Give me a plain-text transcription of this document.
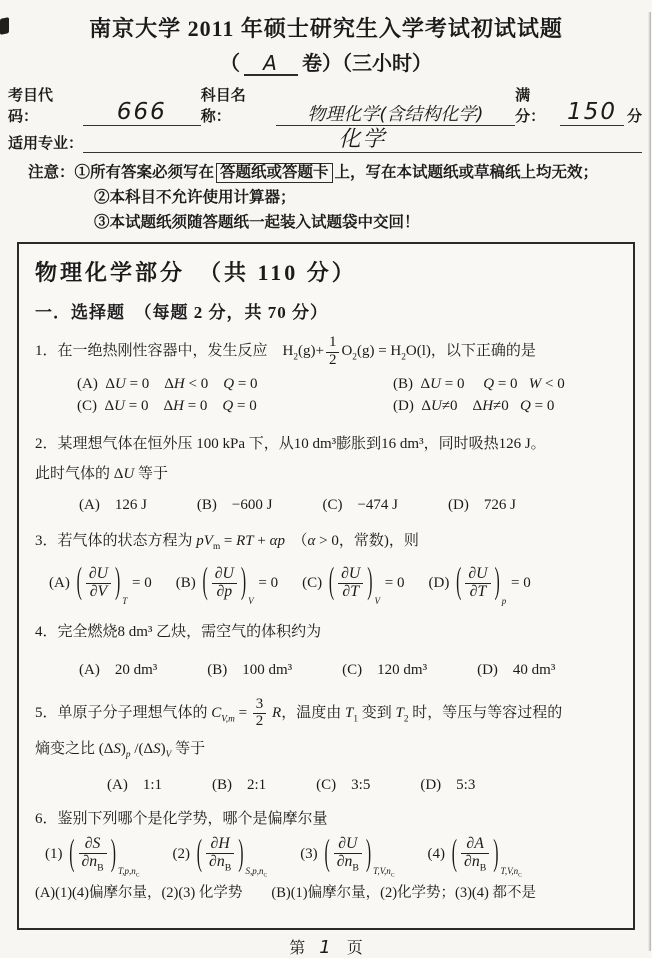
南京大学 2011 年硕士研究生入学考试初试试题
（ A 卷）（三小时）
考目代码：	666
科目名称：	物理化学(含结构化学)
满分： 150 分
适用专业：	化学
注意：①所有答案必须写在 答题纸或答题卡 上，写在本试题纸或草稿纸上均无效；
②本科目不允许使用计算器；
③本试题纸须随答题纸一起装入试题袋中交回！
物理化学部分　（共 110 分）
一．选择题　（每题 2 分，共 70 分）
1．在一绝热刚性容器中，发生反应　$H_2(g)+ \frac{1}{2} O_2(g) = H_2O(l)$，以下正确的是
(A)  ΔU = 0    ΔH < 0    Q = 0	(B)  ΔU = 0     Q = 0   W < 0
(C)  ΔU = 0    ΔH = 0    Q = 0	(D)  ΔU≠0    ΔH≠0   Q = 0
2．某理想气体在恒外压 100 kPa 下，从10 dm³膨胀到16 dm³，同时吸热126 J。
此时气体的 ΔU 等于
(A)　126 J	(B)　−600 J	(C)　−474 J	(D)　726 J
3．若气体的状态方程为 $pV_m$ = RT + αp　（α > 0，常数)，则
(A) ( $\frac{\partial U}{\partial V}$ ) T
= 0 (B) ( $\frac{\partial U}{\partial p}$ ) V
= 0 (C) ( $\frac{\partial U}{\partial T}$ ) V
= 0 (D) ( $\frac{\partial U}{\partial T}$ ) p
= 0
4．完全燃烧8 dm³ 乙炔，需空气的体积约为
(A)　20 dm³	(B)　100 dm³	(C)　120 dm³	(D)　40 dm³
5．单原子分子理想气体的 $C_{V,m} = \frac{3}{2}$ R，温度由 $T_1$ 变到 $T_2$ 时，等压与等容过程的
熵变之比 $(\Delta S)_p$ $/(\Delta S)_V$ 等于
(A)　1:1	(B)　2:1	(C)　3:5	(D)　5:3
6．鉴别下列哪个是化学势，哪个是偏摩尔量
(1) ( $\frac{\partial S}{\partial n_B}$ ) $T,p,n_C$
(2) ( $\frac{\partial H}{\partial n_B}$ ) $S,p,n_C$
(3) ( $\frac{\partial U}{\partial n_B}$ ) $T,V,n_C$
(4) ( $\frac{\partial A}{\partial n_B}$ ) $T,V,n_C$
(A)(1)(4)偏摩尔量，(2)(3) 化学势　　(B)(1)偏摩尔量，(2)化学势；(3)(4) 都不是
第 1 页
